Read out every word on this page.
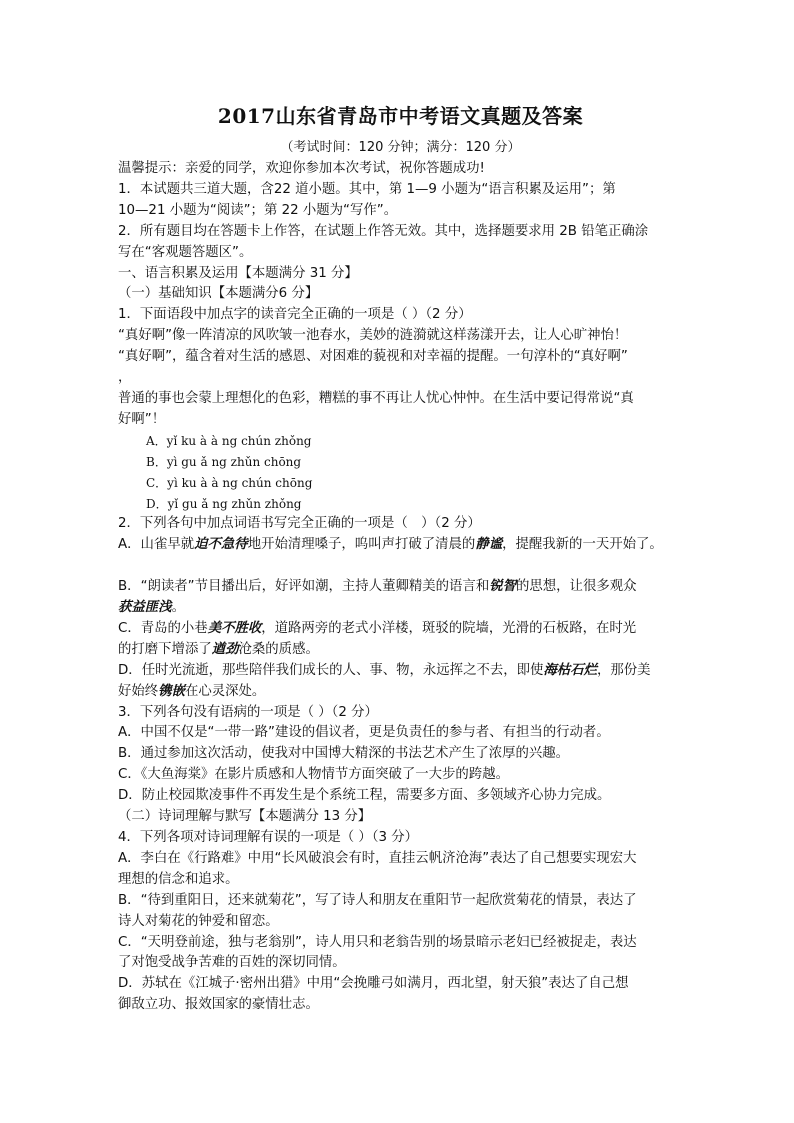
2017山东省青岛市中考语文真题及答案
（考试时间：120 分钟；满分：120 分）
温馨提示：亲爱的同学，欢迎你参加本次考试，祝你答题成功!
1．本试题共三道大题，含22 道小题。其中，第 1—9 小题为“语言积累及运用”；第
10—21 小题为“阅读”；第 22 小题为“写作”。
2．所有题目均在答题卡上作答，在试题上作答无效。其中，选择题要求用 2B 铅笔正确涂
写在“客观题答题区”。
一、语言积累及运用【本题满分 31 分】
（一）基础知识【本题满分6 分】
1．下面语段中加点字的读音完全正确的一项是（ ）（2 分）
“真好啊”像一阵清凉的风吹皱一池春水，美妙的涟漪就这样荡漾开去，让人心旷神怡！
“真好啊”，蕴含着对生活的感恩、对困难的藐视和对幸福的提醒。一句淳朴的“真好啊”
，
普通的事也会蒙上理想化的色彩，糟糕的事不再让人忧心忡忡。在生活中要记得常说“真
好啊”！
A．yǐ ku à à ng chún zhǒng
B．yì gu ǎ ng zhǔn chōng
C．yì ku à à ng chún chōng
D．yǐ gu ǎ ng zhǔn zhǒng
2．下列各句中加点词语书写完全正确的一项是（　）（2 分）
A．山雀早就迫不急待地开始清理嗓子，呜叫声打破了清晨的静谧，提醒我新的一天开始了。

B．“朗读者”节目播出后，好评如潮，主持人董卿精美的语言和锐智的思想，让很多观众
获益匪浅。
C．青岛的小巷美不胜收，道路两旁的老式小洋楼，斑驳的院墙，光滑的石板路，在时光
的打磨下增添了遒劲沧桑的质感。
D．任时光流逝，那些陪伴我们成长的人、事、物，永远挥之不去，即使海枯石烂，那份美
好始终镌嵌在心灵深处。
3．下列各句没有语病的一项是（ ）（2 分）
A．中国不仅是“一带一路”建设的倡议者，更是负责任的参与者、有担当的行动者。
B．通过参加这次活动，使我对中国博大精深的书法艺术产生了浓厚的兴趣。
C．《大鱼海棠》在影片质感和人物情节方面突破了一大步的跨越。
D．防止校园欺凌事件不再发生是个系统工程，需要多方面、多领域齐心协力完成。
（二）诗词理解与默写【本题满分 13 分】
4．下列各项对诗词理解有误的一项是（ ）（3 分）
A．李白在《行路难》中用“长风破浪会有时，直挂云帆济沧海”表达了自己想要实现宏大
理想的信念和追求。
B．“待到重阳日，还来就菊花”，写了诗人和朋友在重阳节一起欣赏菊花的情景，表达了
诗人对菊花的钟爱和留恋。
C．“天明登前途，独与老翁别”，诗人用只和老翁告别的场景暗示老妇已经被捉走，表达
了对饱受战争苦难的百姓的深切同情。
D．苏轼在《江城子·密州出猎》中用“会挽雕弓如满月，西北望，射天狼”表达了自己想
御敌立功、报效国家的豪情壮志。
